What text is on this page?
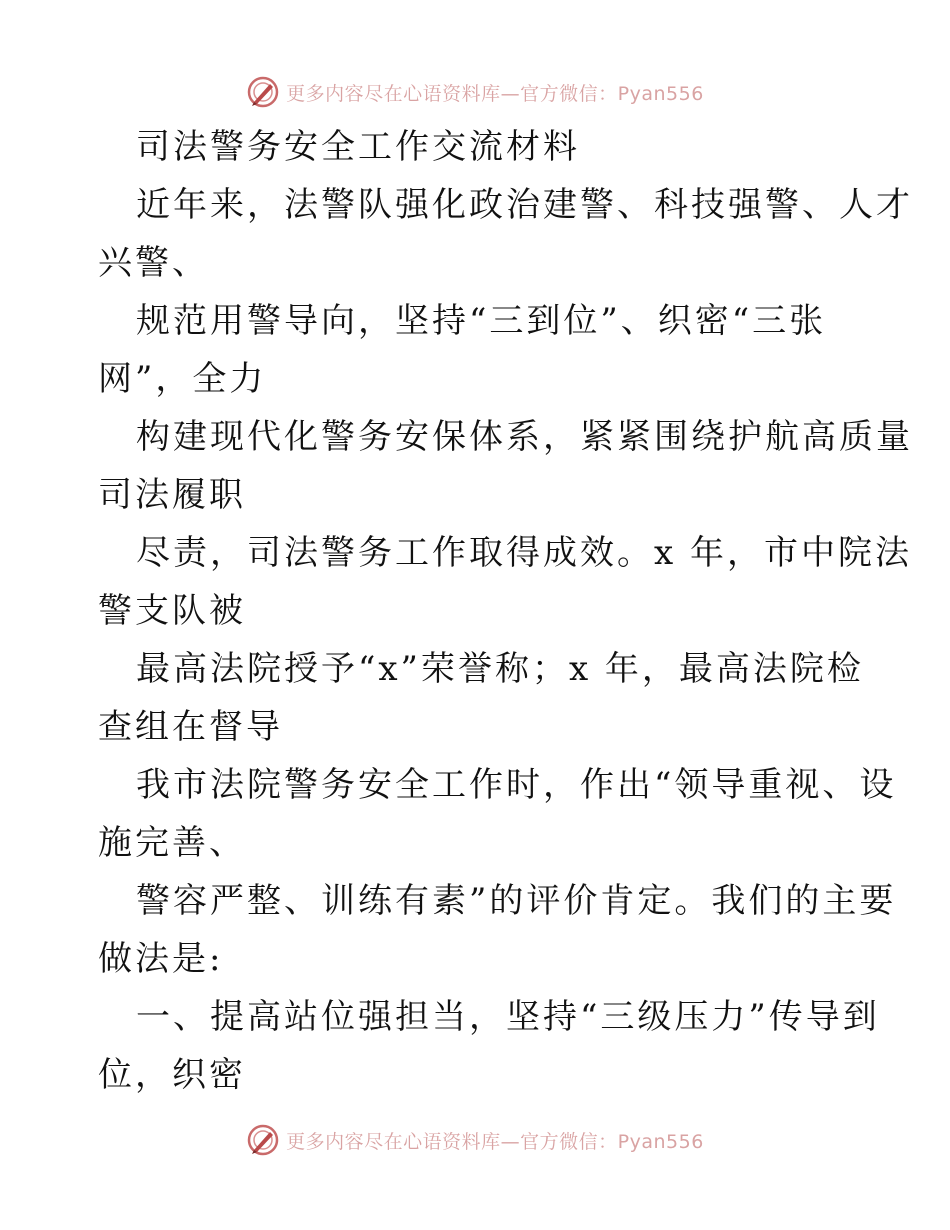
更多内容尽在心语资料库—官方微信：Pyan556
司法警务安全工作交流材料
近年来，法警队强化政治建警、科技强警、人才
兴警、
规范用警导向，坚持“三到位”、织密“三张
网”，全力
构建现代化警务安保体系，紧紧围绕护航高质量
司法履职
尽责，司法警务工作取得成效。x 年，市中院法
警支队被
最高法院授予“x”荣誉称；x 年，最高法院检
查组在督导
我市法院警务安全工作时，作出“领导重视、设
施完善、
警容严整、训练有素”的评价肯定。我们的主要
做法是:
一、提高站位强担当，坚持“三级压力”传导到
位，织密
更多内容尽在心语资料库—官方微信：Pyan556
